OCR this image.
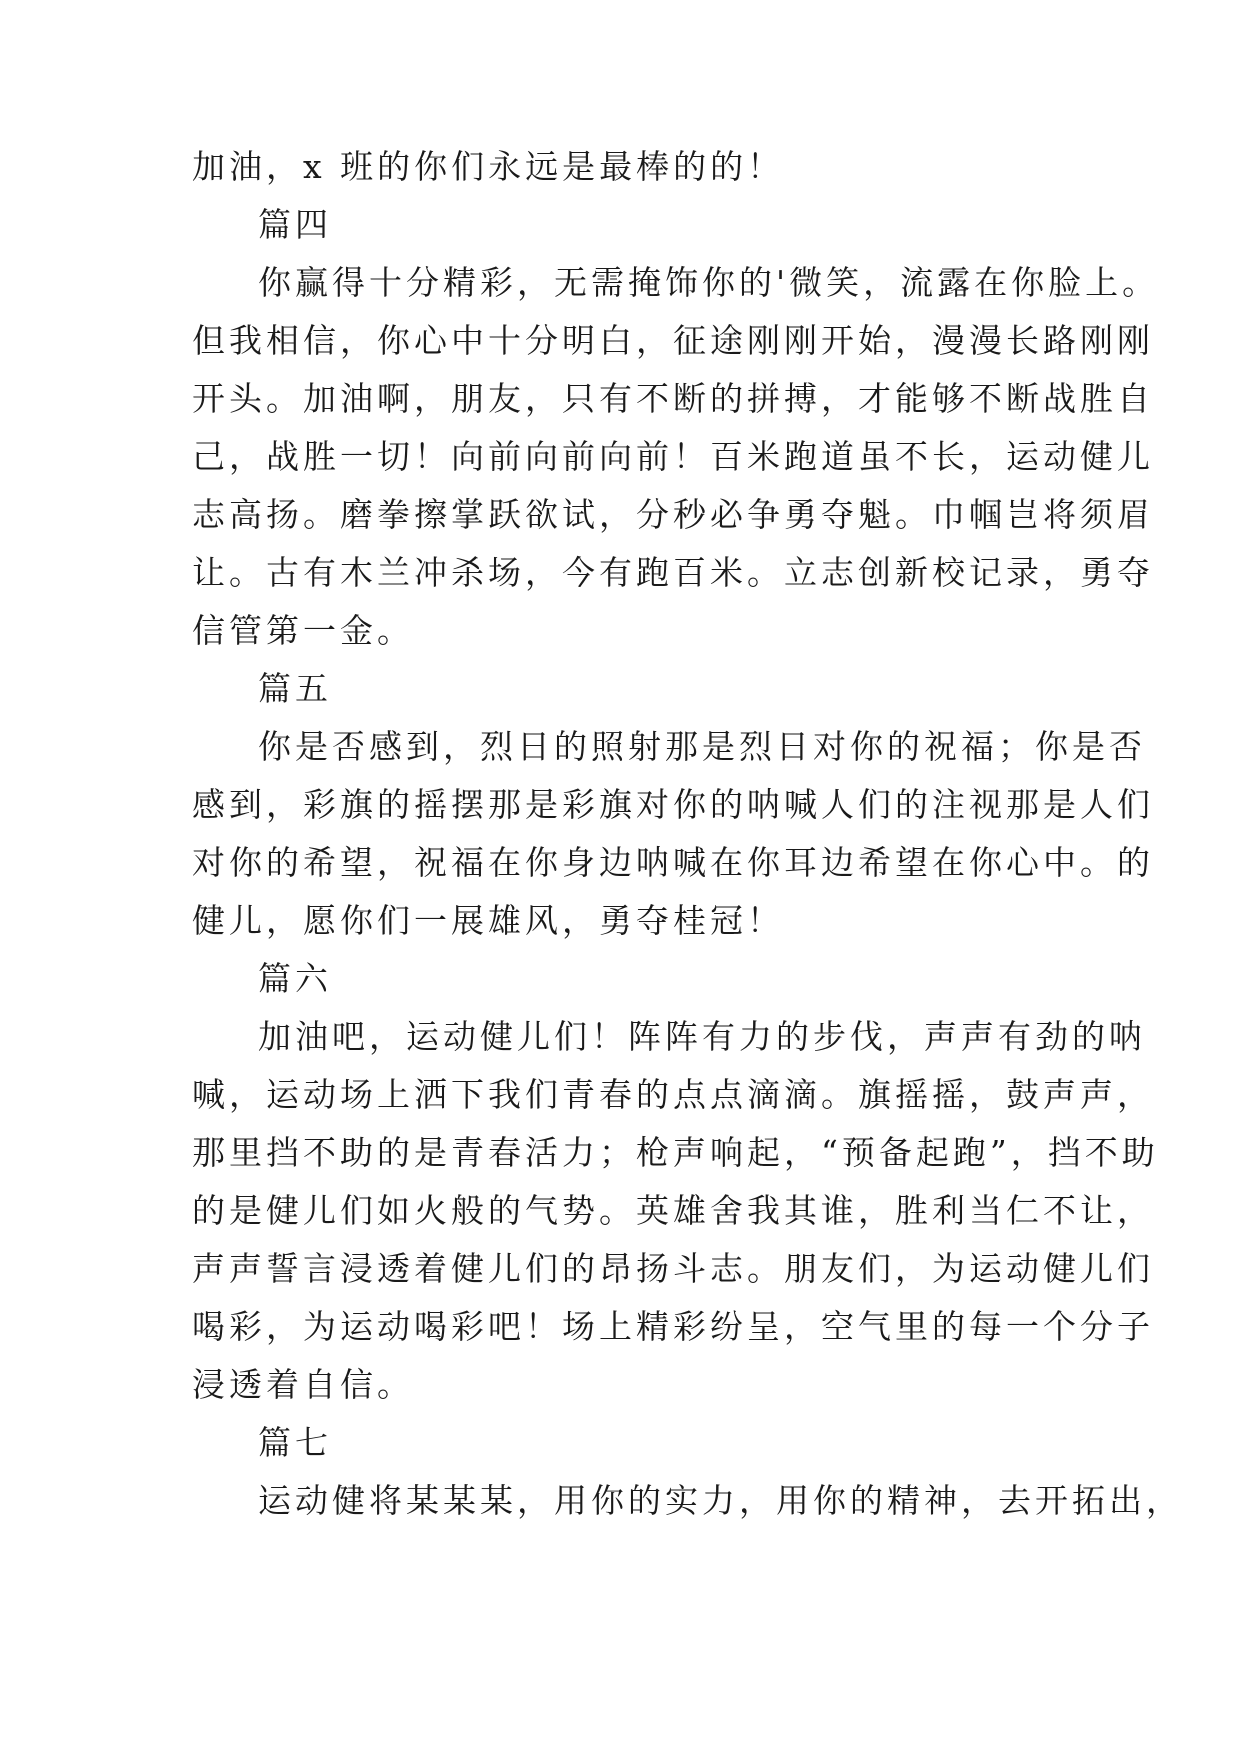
加油，x 班的你们永远是最棒的的！

篇四

你赢得十分精彩，无需掩饰你的'微笑，流露在你脸上。

但我相信，你心中十分明白，征途刚刚开始，漫漫长路刚刚

开头。加油啊，朋友，只有不断的拼搏，才能够不断战胜自

己，战胜一切！向前向前向前！百米跑道虽不长，运动健儿

志高扬。磨拳擦掌跃欲试，分秒必争勇夺魁。巾帼岂将须眉

让。古有木兰冲杀场，今有跑百米。立志创新校记录，勇夺

信管第一金。

篇五

你是否感到，烈日的照射那是烈日对你的祝福；你是否

感到，彩旗的摇摆那是彩旗对你的呐喊人们的注视那是人们

对你的希望，祝福在你身边呐喊在你耳边希望在你心中。的

健儿，愿你们一展雄风，勇夺桂冠！

篇六

加油吧，运动健儿们！阵阵有力的步伐，声声有劲的呐

喊，运动场上洒下我们青春的点点滴滴。旗摇摇，鼓声声，

那里挡不助的是青春活力；枪声响起，“预备起跑”，挡不助

的是健儿们如火般的气势。英雄舍我其谁，胜利当仁不让，

声声誓言浸透着健儿们的昂扬斗志。朋友们，为运动健儿们

喝彩，为运动喝彩吧！场上精彩纷呈，空气里的每一个分子

浸透着自信。

篇七

运动健将某某某，用你的实力，用你的精神，去开拓出，
